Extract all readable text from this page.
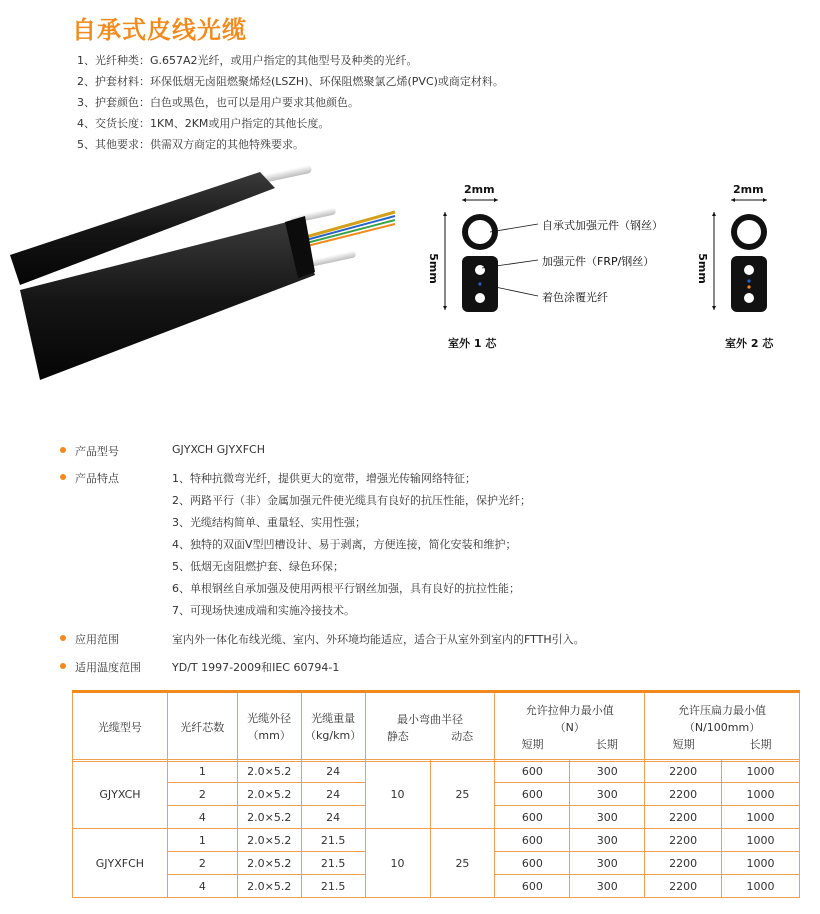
自承式皮线光缆
1、光纤种类：G.657A2光纤，或用户指定的其他型号及种类的光纤。
2、护套材料：环保低烟无卤阻燃聚烯烃(LSZH)、环保阻燃聚氯乙烯(PVC)或商定材料。
3、护套颜色：白色或黑色，也可以是用户要求其他颜色。
4、交货长度：1KM、2KM或用户指定的其他长度。
5、其他要求：供需双方商定的其他特殊要求。
2mm	2mm
5mm	5mm
自承式加强元件（钢丝）
加强元件（FRP/钢丝）
着色涂覆光纤
室外 1 芯	室外 2 芯
产品型号	GJYXCH GJYXFCH
产品特点	1、特种抗微弯光纤，提供更大的宽带，增强光传输网络特征；
2、两路平行（非）金属加强元件使光缆具有良好的抗压性能，保护光纤；
3、光缆结构简单、重量轻、实用性强；
4、独特的双面V型凹槽设计、易于剥离，方便连接，简化安装和维护；
5、低烟无卤阻燃护套、绿色环保；
6、单根钢丝自承加强及使用两根平行钢丝加强，具有良好的抗拉性能；
7、可现场快速成端和实施冷接技术。
应用范围	室内外一体化布线光缆、室内、外环境均能适应，适合于从室外到室内的FTTH引入。
适用温度范围	YD/T 1997-2009和IEC 60794-1
光缆型号	光纤芯数

光缆外径
（mm）

光缆重量
（kg/km）

最小弯曲半径
静态	动态

允许拉伸力最小值
（N）
短期	长期

允许压扁力最小值
（N/100mm）
短期	长期
GJYXCH	1	2.0×5.2	24	10	25	600	300	2200	1000
	2	2.0×5.2	24			600	300	2200	1000
	4	2.0×5.2	24			600	300	2200	1000
GJYXFCH	1	2.0×5.2	21.5	10	25	600	300	2200	1000
	2	2.0×5.2	21.5			600	300	2200	1000
	4	2.0×5.2	21.5			600	300	2200	1000
